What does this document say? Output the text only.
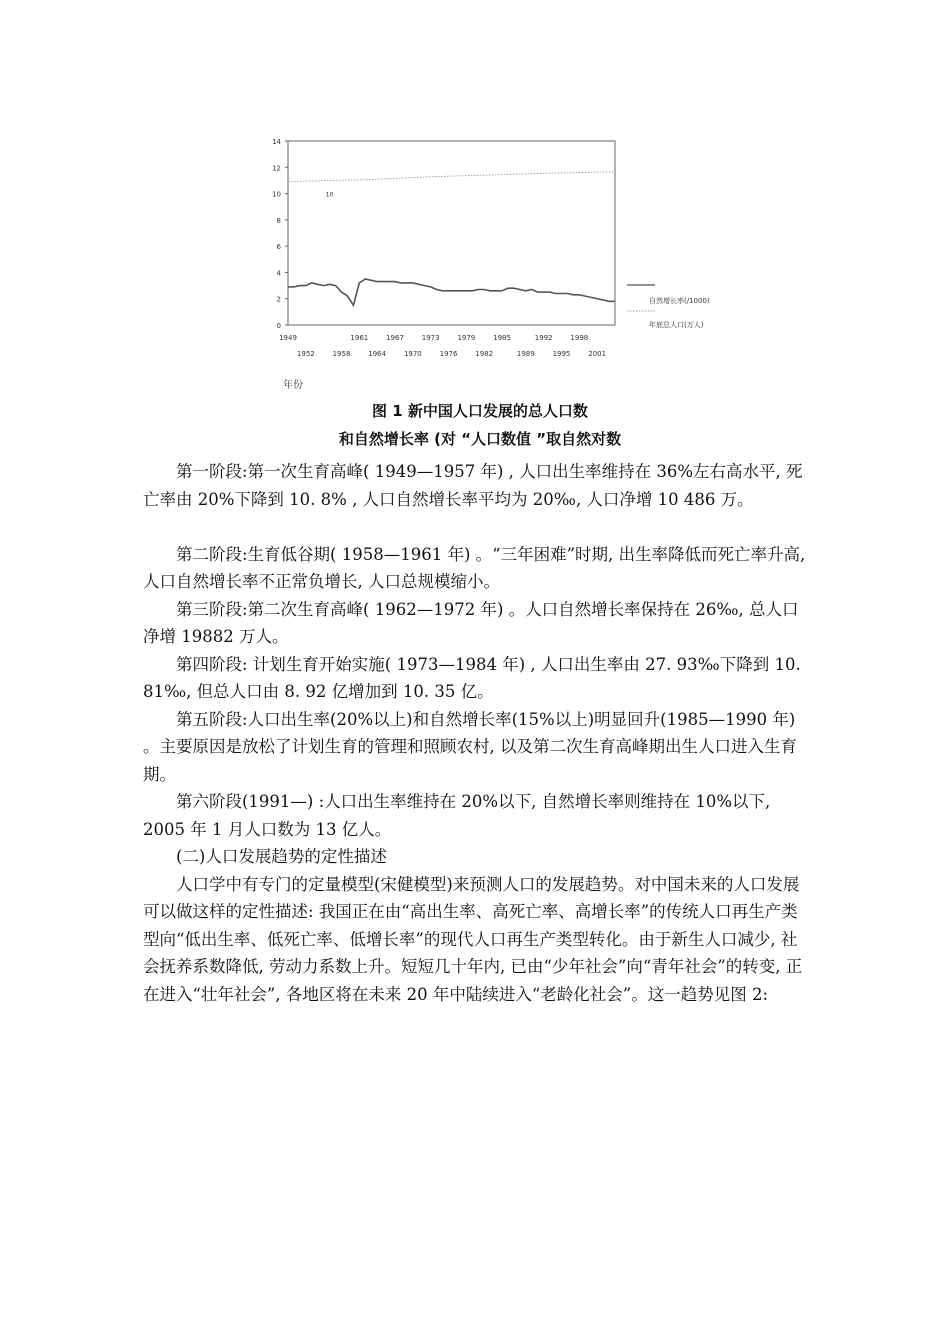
0
2
4
6
8
10
12
14
1949	1961	1967	1973	1979	1985	1992	1998
1952	1958	1964	1970	1976	1982	1989	1995	2001
年份
10
自然增长率(/1000)
年底总人口(万人)
图 1 新中国人口发展的总人口数
和自然增长率 (对 “人口数值 ”取自然对数

第一阶段:第一次生育高峰( 1949—1957 年) , 人口出生率维持在 36%左右高水平, 死亡率由 20%下降到 10. 8% , 人口自然增长率平均为 20‰, 人口净增 10 486 万。

第二阶段:生育低谷期( 1958—1961 年) 。“三年困难”时期, 出生率降低而死亡率升高, 人口自然增长率不正常负增长, 人口总规模缩小。

第三阶段:第二次生育高峰( 1962—1972 年) 。人口自然增长率保持在 26‰, 总人口净增 19882 万人。

第四阶段: 计划生育开始实施( 1973—1984 年) , 人口出生率由 27. 93‰下降到 10. 81‰, 但总人口由 8. 92 亿增加到 10. 35 亿。

第五阶段:人口出生率(20%以上)和自然增长率(15%以上)明显回升(1985—1990 年) 。主要原因是放松了计划生育的管理和照顾农村, 以及第二次生育高峰期出生人口进入生育期。

第六阶段(1991—) :人口出生率维持在 20%以下, 自然增长率则维持在 10%以下, 2005 年 1 月人口数为 13 亿人。

(二)人口发展趋势的定性描述

人口学中有专门的定量模型(宋健模型)来预测人口的发展趋势。对中国未来的人口发展可以做这样的定性描述: 我国正在由“高出生率、高死亡率、高增长率”的传统人口再生产类型向“低出生率、低死亡率、低增长率”的现代人口再生产类型转化。由于新生人口减少, 社会抚养系数降低, 劳动力系数上升。短短几十年内, 已由“少年社会”向“青年社会”的转变, 正在进入“壮年社会”, 各地区将在未来 20 年中陆续进入“老龄化社会”。这一趋势见图 2:
